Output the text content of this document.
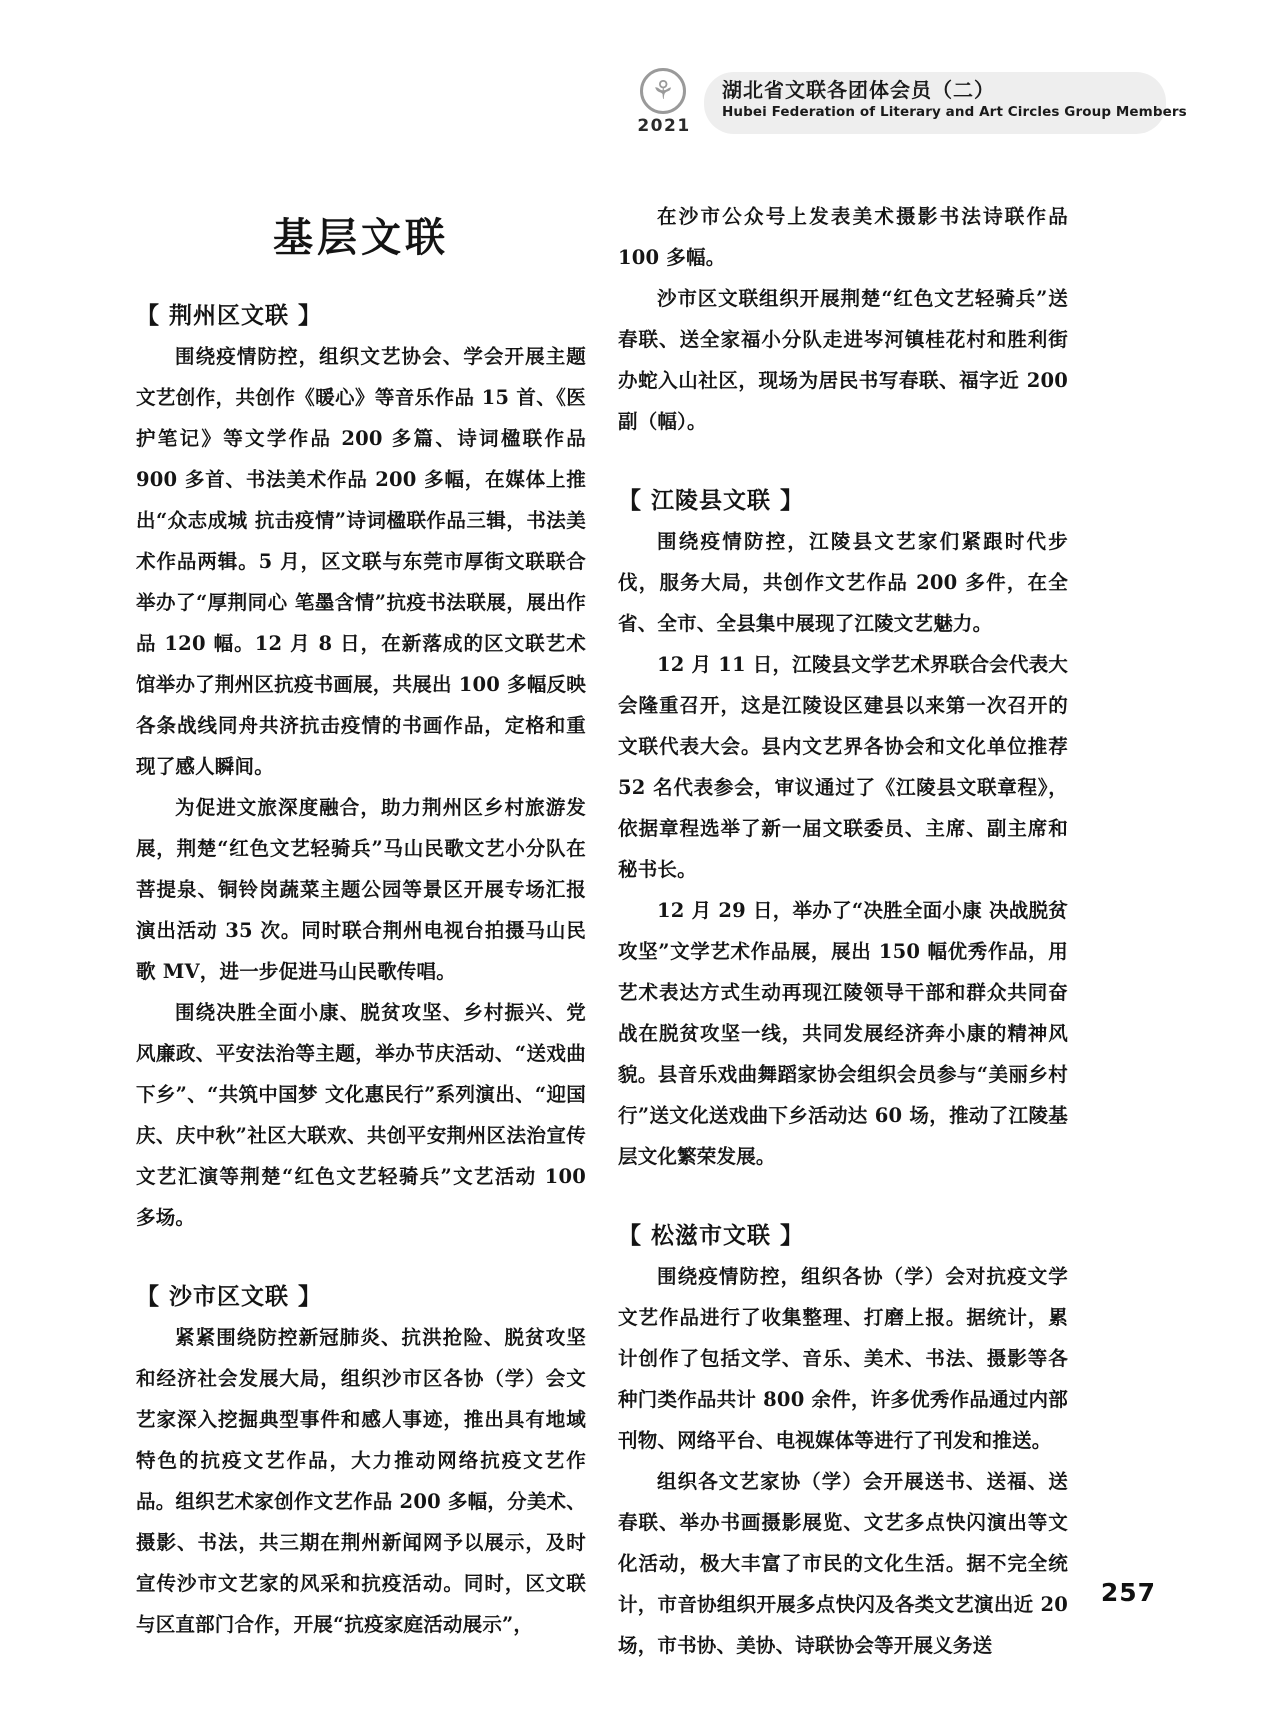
⚘
2021
湖北省文联各团体会员（二）
Hubei Federation of Literary and Art Circles Group Members
基层文联
【 荆州区文联 】

围绕疫情防控，组织文艺协会、学会开展主题文艺创作，共创作《暖心》等音乐作品 15 首、《医护笔记》等文学作品 200 多篇、诗词楹联作品 900 多首、书法美术作品 200 多幅，在媒体上推出“众志成城 抗击疫情”诗词楹联作品三辑，书法美术作品两辑。5 月，区文联与东莞市厚街文联联合举办了“厚荆同心 笔墨含情”抗疫书法联展，展出作品 120 幅。12 月 8 日，在新落成的区文联艺术馆举办了荆州区抗疫书画展，共展出 100 多幅反映各条战线同舟共济抗击疫情的书画作品，定格和重现了感人瞬间。

为促进文旅深度融合，助力荆州区乡村旅游发展，荆楚“红色文艺轻骑兵”马山民歌文艺小分队在菩提泉、铜铃岗蔬菜主题公园等景区开展专场汇报演出活动 35 次。同时联合荆州电视台拍摄马山民歌 MV，进一步促进马山民歌传唱。

围绕决胜全面小康、脱贫攻坚、乡村振兴、党风廉政、平安法治等主题，举办节庆活动、“送戏曲下乡”、“共筑中国梦 文化惠民行”系列演出、“迎国庆、庆中秋”社区大联欢、共创平安荆州区法治宣传文艺汇演等荆楚“红色文艺轻骑兵”文艺活动 100 多场。

【 沙市区文联 】

紧紧围绕防控新冠肺炎、抗洪抢险、脱贫攻坚和经济社会发展大局，组织沙市区各协（学）会文艺家深入挖掘典型事件和感人事迹，推出具有地域特色的抗疫文艺作品，大力推动网络抗疫文艺作品。组织艺术家创作文艺作品 200 多幅，分美术、摄影、书法，共三期在荆州新闻网予以展示，及时宣传沙市文艺家的风采和抗疫活动。同时，区文联与区直部门合作，开展“抗疫家庭活动展示”，

在沙市公众号上发表美术摄影书法诗联作品 100 多幅。

沙市区文联组织开展荆楚“红色文艺轻骑兵”送春联、送全家福小分队走进岑河镇桂花村和胜利街办蛇入山社区，现场为居民书写春联、福字近 200 副（幅）。

【 江陵县文联 】

围绕疫情防控，江陵县文艺家们紧跟时代步伐，服务大局，共创作文艺作品 200 多件，在全省、全市、全县集中展现了江陵文艺魅力。

12 月 11 日，江陵县文学艺术界联合会代表大会隆重召开，这是江陵设区建县以来第一次召开的文联代表大会。县内文艺界各协会和文化单位推荐 52 名代表参会，审议通过了《江陵县文联章程》，依据章程选举了新一届文联委员、主席、副主席和秘书长。

12 月 29 日，举办了“决胜全面小康 决战脱贫攻坚”文学艺术作品展，展出 150 幅优秀作品，用艺术表达方式生动再现江陵领导干部和群众共同奋战在脱贫攻坚一线，共同发展经济奔小康的精神风貌。县音乐戏曲舞蹈家协会组织会员参与“美丽乡村行”送文化送戏曲下乡活动达 60 场，推动了江陵基层文化繁荣发展。

【 松滋市文联 】

围绕疫情防控，组织各协（学）会对抗疫文学文艺作品进行了收集整理、打磨上报。据统计，累计创作了包括文学、音乐、美术、书法、摄影等各种门类作品共计 800 余件，许多优秀作品通过内部刊物、网络平台、电视媒体等进行了刊发和推送。

组织各文艺家协（学）会开展送书、送福、送春联、举办书画摄影展览、文艺多点快闪演出等文化活动，极大丰富了市民的文化生活。据不完全统计，市音协组织开展多点快闪及各类文艺演出近 20 场，市书协、美协、诗联协会等开展义务送

257
